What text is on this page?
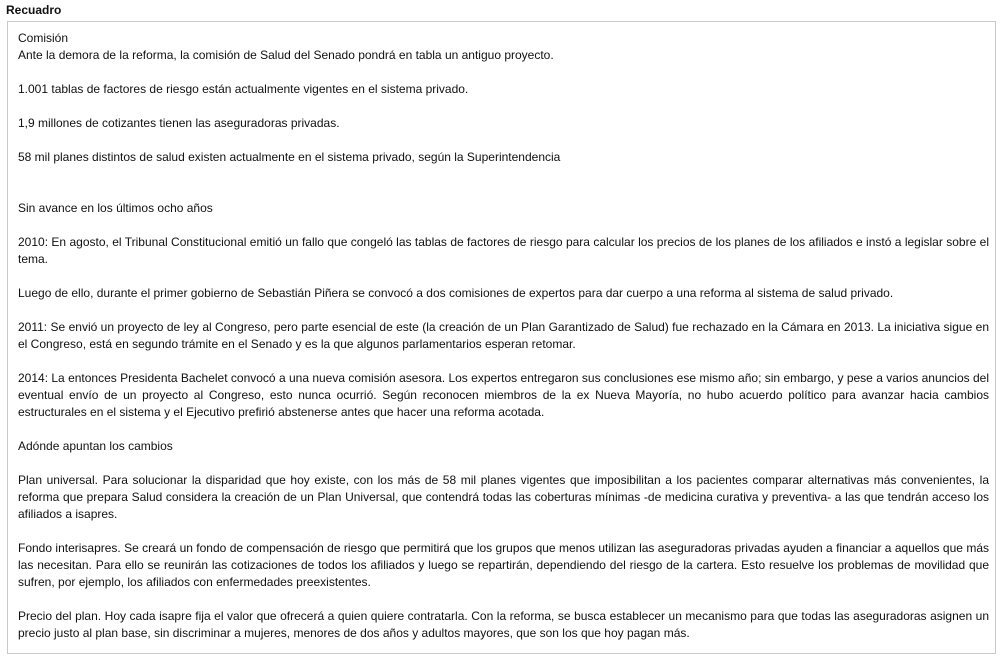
Recuadro

Comisión

Ante la demora de la reforma, la comisión de Salud del Senado pondrá en tabla un antiguo proyecto.

1.001 tablas de factores de riesgo están actualmente vigentes en el sistema privado.

1,9 millones de cotizantes tienen las aseguradoras privadas.

58 mil planes distintos de salud existen actualmente en el sistema privado, según la Superintendencia

Sin avance en los últimos ocho años

2010: En agosto, el Tribunal Constitucional emitió un fallo que congeló las tablas de factores de riesgo para calcular los precios de los planes de los afiliados e instó a legislar sobre el tema.

Luego de ello, durante el primer gobierno de Sebastián Piñera se convocó a dos comisiones de expertos para dar cuerpo a una reforma al sistema de salud privado.

2011: Se envió un proyecto de ley al Congreso, pero parte esencial de este (la creación de un Plan Garantizado de Salud) fue rechazado en la Cámara en 2013. La iniciativa sigue en el Congreso, está en segundo trámite en el Senado y es la que algunos parlamentarios esperan retomar.

2014: La entonces Presidenta Bachelet convocó a una nueva comisión asesora. Los expertos entregaron sus conclusiones ese mismo año; sin embargo, y pese a varios anuncios del eventual envío de un proyecto al Congreso, esto nunca ocurrió. Según reconocen miembros de la ex Nueva Mayoría, no hubo acuerdo político para avanzar hacia cambios estructurales en el sistema y el Ejecutivo prefirió abstenerse antes que hacer una reforma acotada.

Adónde apuntan los cambios

Plan universal. Para solucionar la disparidad que hoy existe, con los más de 58 mil planes vigentes que imposibilitan a los pacientes comparar alternativas más convenientes, la reforma que prepara Salud considera la creación de un Plan Universal, que contendrá todas las coberturas mínimas -de medicina curativa y preventiva- a las que tendrán acceso los afiliados a isapres.

Fondo interisapres. Se creará un fondo de compensación de riesgo que permitirá que los grupos que menos utilizan las aseguradoras privadas ayuden a financiar a aquellos que más las necesitan. Para ello se reunirán las cotizaciones de todos los afiliados y luego se repartirán, dependiendo del riesgo de la cartera. Esto resuelve los problemas de movilidad que sufren, por ejemplo, los afiliados con enfermedades preexistentes.

Precio del plan. Hoy cada isapre fija el valor que ofrecerá a quien quiere contratarla. Con la reforma, se busca establecer un mecanismo para que todas las aseguradoras asignen un precio justo al plan base, sin discriminar a mujeres, menores de dos años y adultos mayores, que son los que hoy pagan más.
